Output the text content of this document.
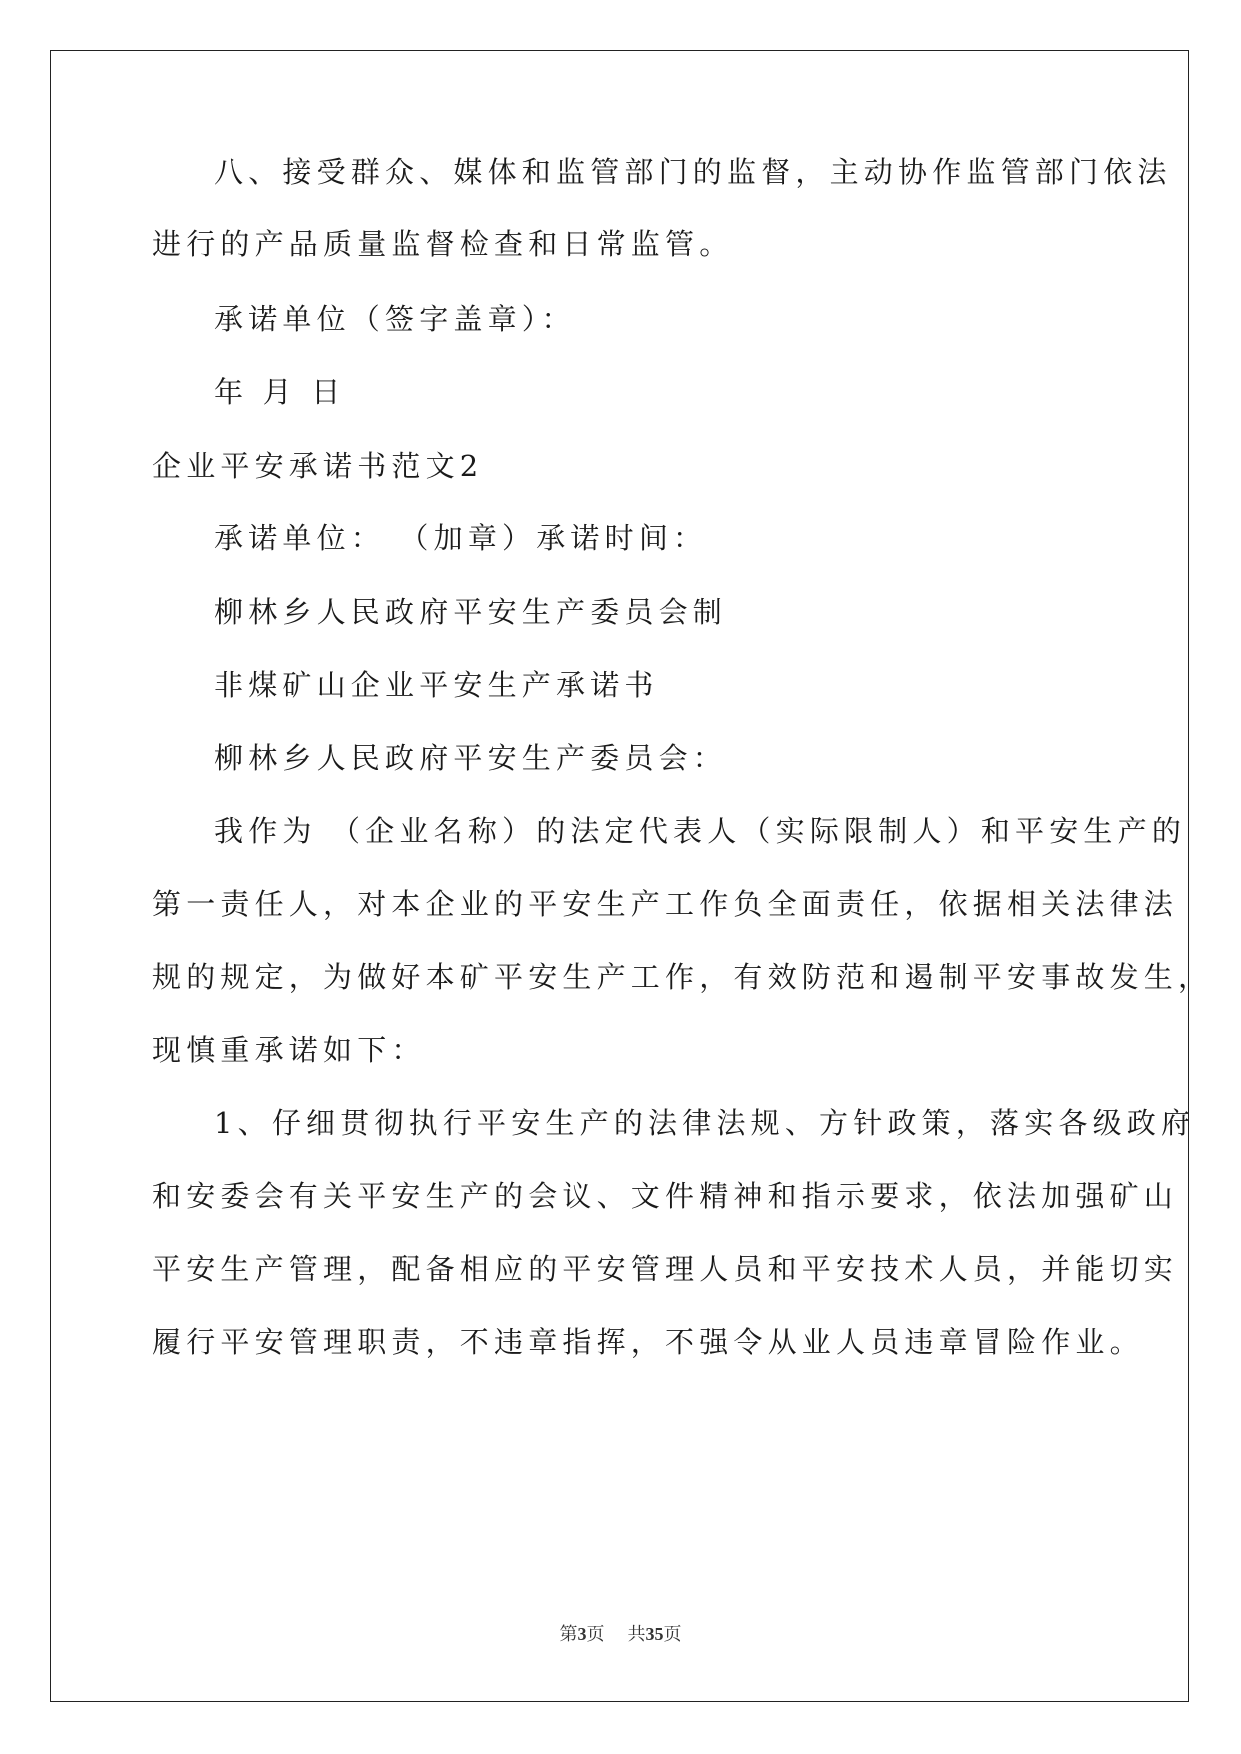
八、接受群众、媒体和监管部门的监督，主动协作监管部门依法
进行的产品质量监督检查和日常监管。
承诺单位（签字盖章）：
年 月 日
企业平安承诺书范文2
承诺单位： （加章）承诺时间：
柳林乡人民政府平安生产委员会制
非煤矿山企业平安生产承诺书
柳林乡人民政府平安生产委员会：
我作为 （企业名称）的法定代表人（实际限制人）和平安生产的
第一责任人，对本企业的平安生产工作负全面责任，依据相关法律法
规的规定，为做好本矿平安生产工作，有效防范和遏制平安事故发生，
现慎重承诺如下：
1、仔细贯彻执行平安生产的法律法规、方针政策，落实各级政府
和安委会有关平安生产的会议、文件精神和指示要求，依法加强矿山
平安生产管理，配备相应的平安管理人员和平安技术人员，并能切实
履行平安管理职责，不违章指挥，不强令从业人员违章冒险作业。
第3页 共35页
